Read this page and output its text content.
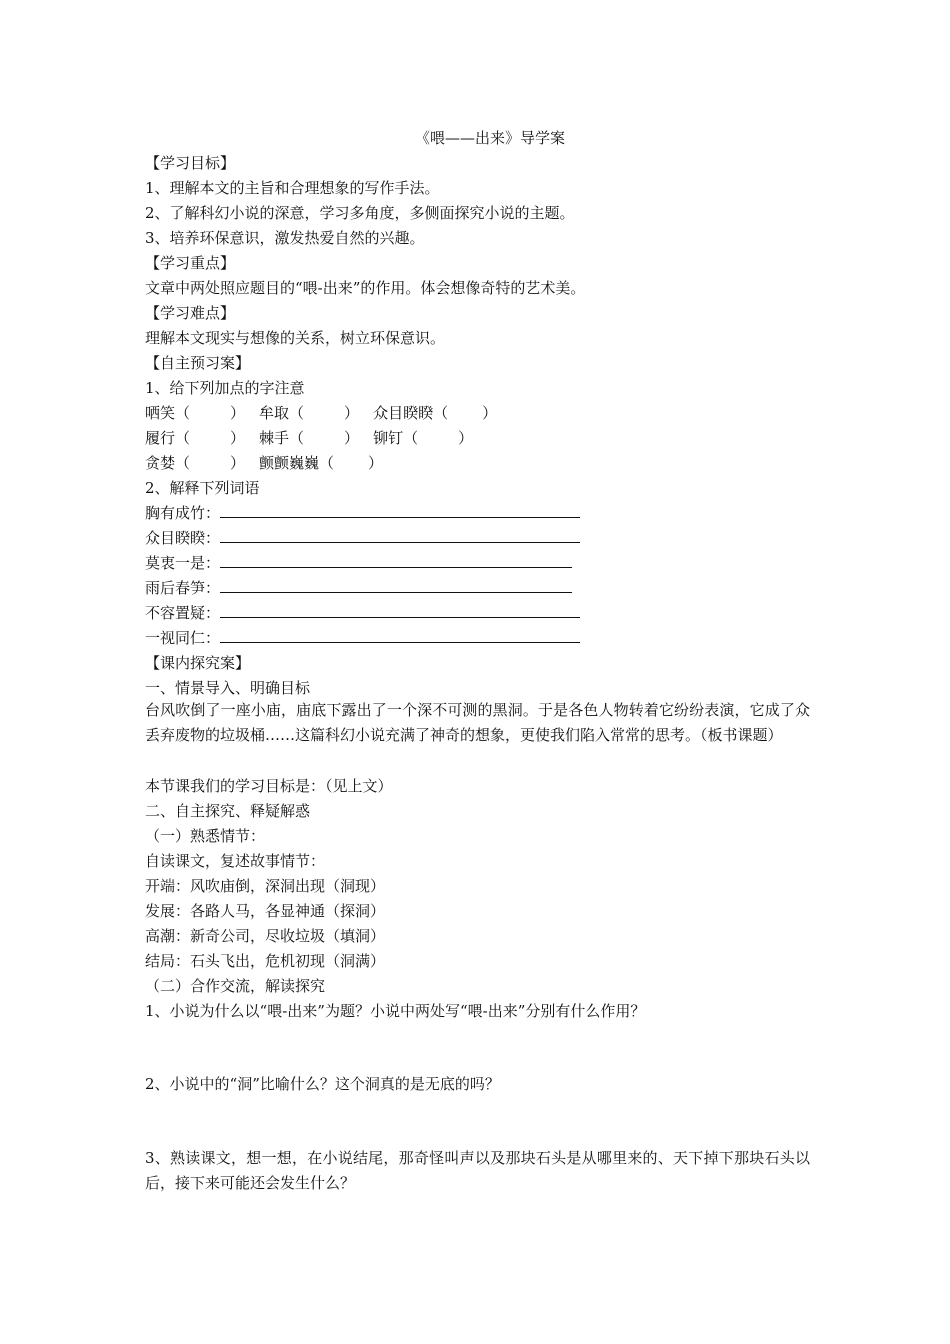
《喂——出来》导学案
【学习目标】
1、理解本文的主旨和合理想象的写作手法。
2、了解科幻小说的深意，学习多角度，多侧面探究小说的主题。
3、培养环保意识，激发热爱自然的兴趣。
【学习重点】
文章中两处照应题目的“喂-出来”的作用。体会想像奇特的艺术美。
【学习难点】
理解本文现实与想像的关系，树立环保意识。
【自主预习案】
1、给下列加点的字注意
哂笑（	） 牟取（	） 众目睽睽（ ）
履行（	） 棘手（	） 铆钉（	）
贪婪（	） 颤颤巍巍（ ）
2、解释下列词语
胸有成竹：
众目睽睽：
莫衷一是：
雨后春笋：
不容置疑：
一视同仁：
【课内探究案】
一、情景导入、明确目标
台风吹倒了一座小庙，庙底下露出了一个深不可测的黑洞。于是各色人物转着它纷纷表演，它成了众丢弃废物的垃圾桶……这篇科幻小说充满了神奇的想象，更使我们陷入常常的思考。（板书课题）
本节课我们的学习目标是：（见上文）
二、自主探究、释疑解惑
（一）熟悉情节：
自读课文，复述故事情节：
开端：风吹庙倒，深洞出现（洞现）
发展：各路人马，各显神通（探洞）
高潮：新奇公司，尽收垃圾（填洞）
结局：石头飞出，危机初现（洞满）
（二）合作交流，解读探究
1、小说为什么以“喂-出来”为题？小说中两处写“喂-出来”分别有什么作用？
2、小说中的“洞”比喻什么？这个洞真的是无底的吗？
3、熟读课文，想一想，在小说结尾，那奇怪叫声以及那块石头是从哪里来的、天下掉下那块石头以后，接下来可能还会发生什么？
